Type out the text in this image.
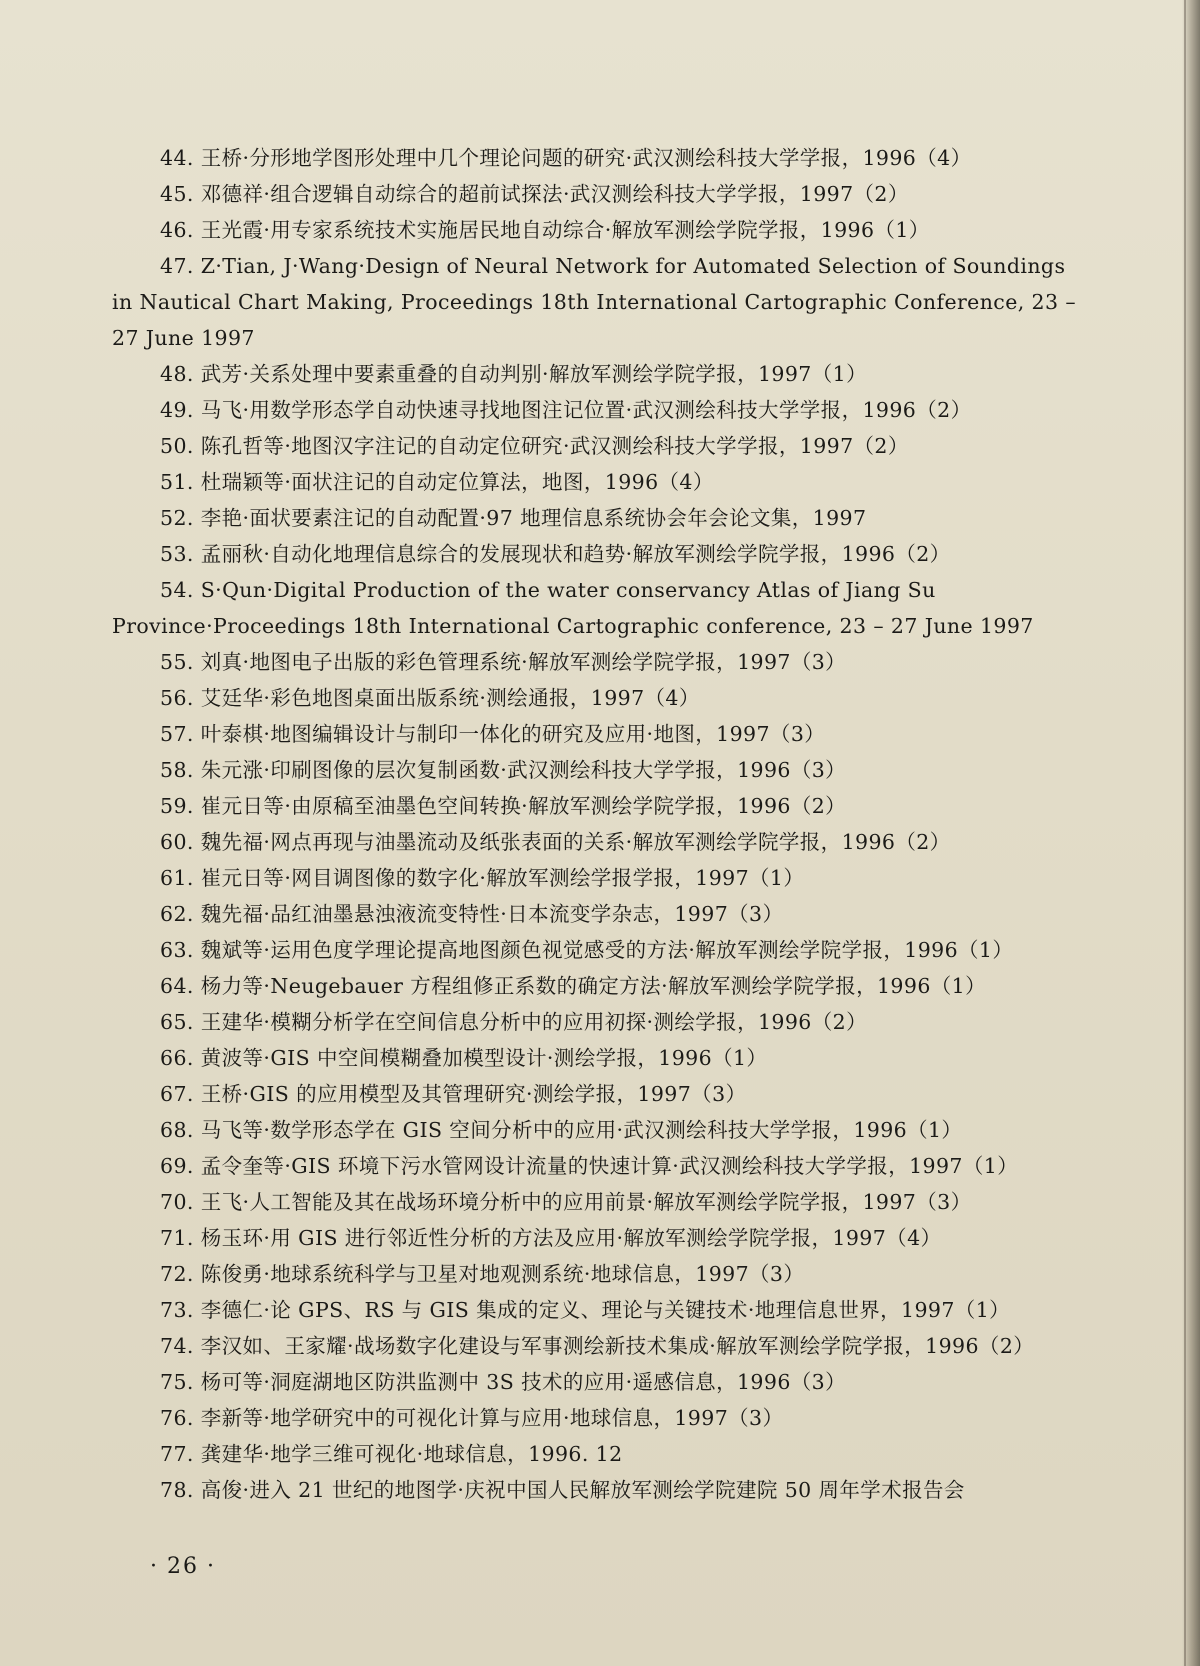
44. 王桥·分形地学图形处理中几个理论问题的研究·武汉测绘科技大学学报，1996（4）
45. 邓德祥·组合逻辑自动综合的超前试探法·武汉测绘科技大学学报，1997（2）
46. 王光霞·用专家系统技术实施居民地自动综合·解放军测绘学院学报，1996（1）
47. Z·Tian, J·Wang·Design of Neural Network for Automated Selection of Soundings in Nautical Chart Making, Proceedings 18th International Cartographic Conference, 23 – 27 June 1997
48. 武芳·关系处理中要素重叠的自动判别·解放军测绘学院学报，1997（1）
49. 马飞·用数学形态学自动快速寻找地图注记位置·武汉测绘科技大学学报，1996（2）
50. 陈孔哲等·地图汉字注记的自动定位研究·武汉测绘科技大学学报，1997（2）
51. 杜瑞颖等·面状注记的自动定位算法，地图，1996（4）
52. 李艳·面状要素注记的自动配置·97 地理信息系统协会年会论文集，1997
53. 孟丽秋·自动化地理信息综合的发展现状和趋势·解放军测绘学院学报，1996（2）
54. S·Qun·Digital Production of the water conservancy Atlas of Jiang Su Province·Proceedings 18th International Cartographic conference, 23 – 27 June 1997
55. 刘真·地图电子出版的彩色管理系统·解放军测绘学院学报，1997（3）
56. 艾廷华·彩色地图桌面出版系统·测绘通报，1997（4）
57. 叶泰棋·地图编辑设计与制印一体化的研究及应用·地图，1997（3）
58. 朱元涨·印刷图像的层次复制函数·武汉测绘科技大学学报，1996（3）
59. 崔元日等·由原稿至油墨色空间转换·解放军测绘学院学报，1996（2）
60. 魏先福·网点再现与油墨流动及纸张表面的关系·解放军测绘学院学报，1996（2）
61. 崔元日等·网目调图像的数字化·解放军测绘学报学报，1997（1）
62. 魏先福·品红油墨悬浊液流变特性·日本流变学杂志，1997（3）
63. 魏斌等·运用色度学理论提高地图颜色视觉感受的方法·解放军测绘学院学报，1996（1）
64. 杨力等·Neugebauer 方程组修正系数的确定方法·解放军测绘学院学报，1996（1）
65. 王建华·模糊分析学在空间信息分析中的应用初探·测绘学报，1996（2）
66. 黄波等·GIS 中空间模糊叠加模型设计·测绘学报，1996（1）
67. 王桥·GIS 的应用模型及其管理研究·测绘学报，1997（3）
68. 马飞等·数学形态学在 GIS 空间分析中的应用·武汉测绘科技大学学报，1996（1）
69. 孟令奎等·GIS 环境下污水管网设计流量的快速计算·武汉测绘科技大学学报，1997（1）
70. 王飞·人工智能及其在战场环境分析中的应用前景·解放军测绘学院学报，1997（3）
71. 杨玉环·用 GIS 进行邻近性分析的方法及应用·解放军测绘学院学报，1997（4）
72. 陈俊勇·地球系统科学与卫星对地观测系统·地球信息，1997（3）
73. 李德仁·论 GPS、RS 与 GIS 集成的定义、理论与关键技术·地理信息世界，1997（1）
74. 李汉如、王家耀·战场数字化建设与军事测绘新技术集成·解放军测绘学院学报，1996（2）
75. 杨可等·洞庭湖地区防洪监测中 3S 技术的应用·遥感信息，1996（3）
76. 李新等·地学研究中的可视化计算与应用·地球信息，1997（3）
77. 龚建华·地学三维可视化·地球信息，1996. 12
78. 高俊·进入 21 世纪的地图学·庆祝中国人民解放军测绘学院建院 50 周年学术报告会
· 26 ·
